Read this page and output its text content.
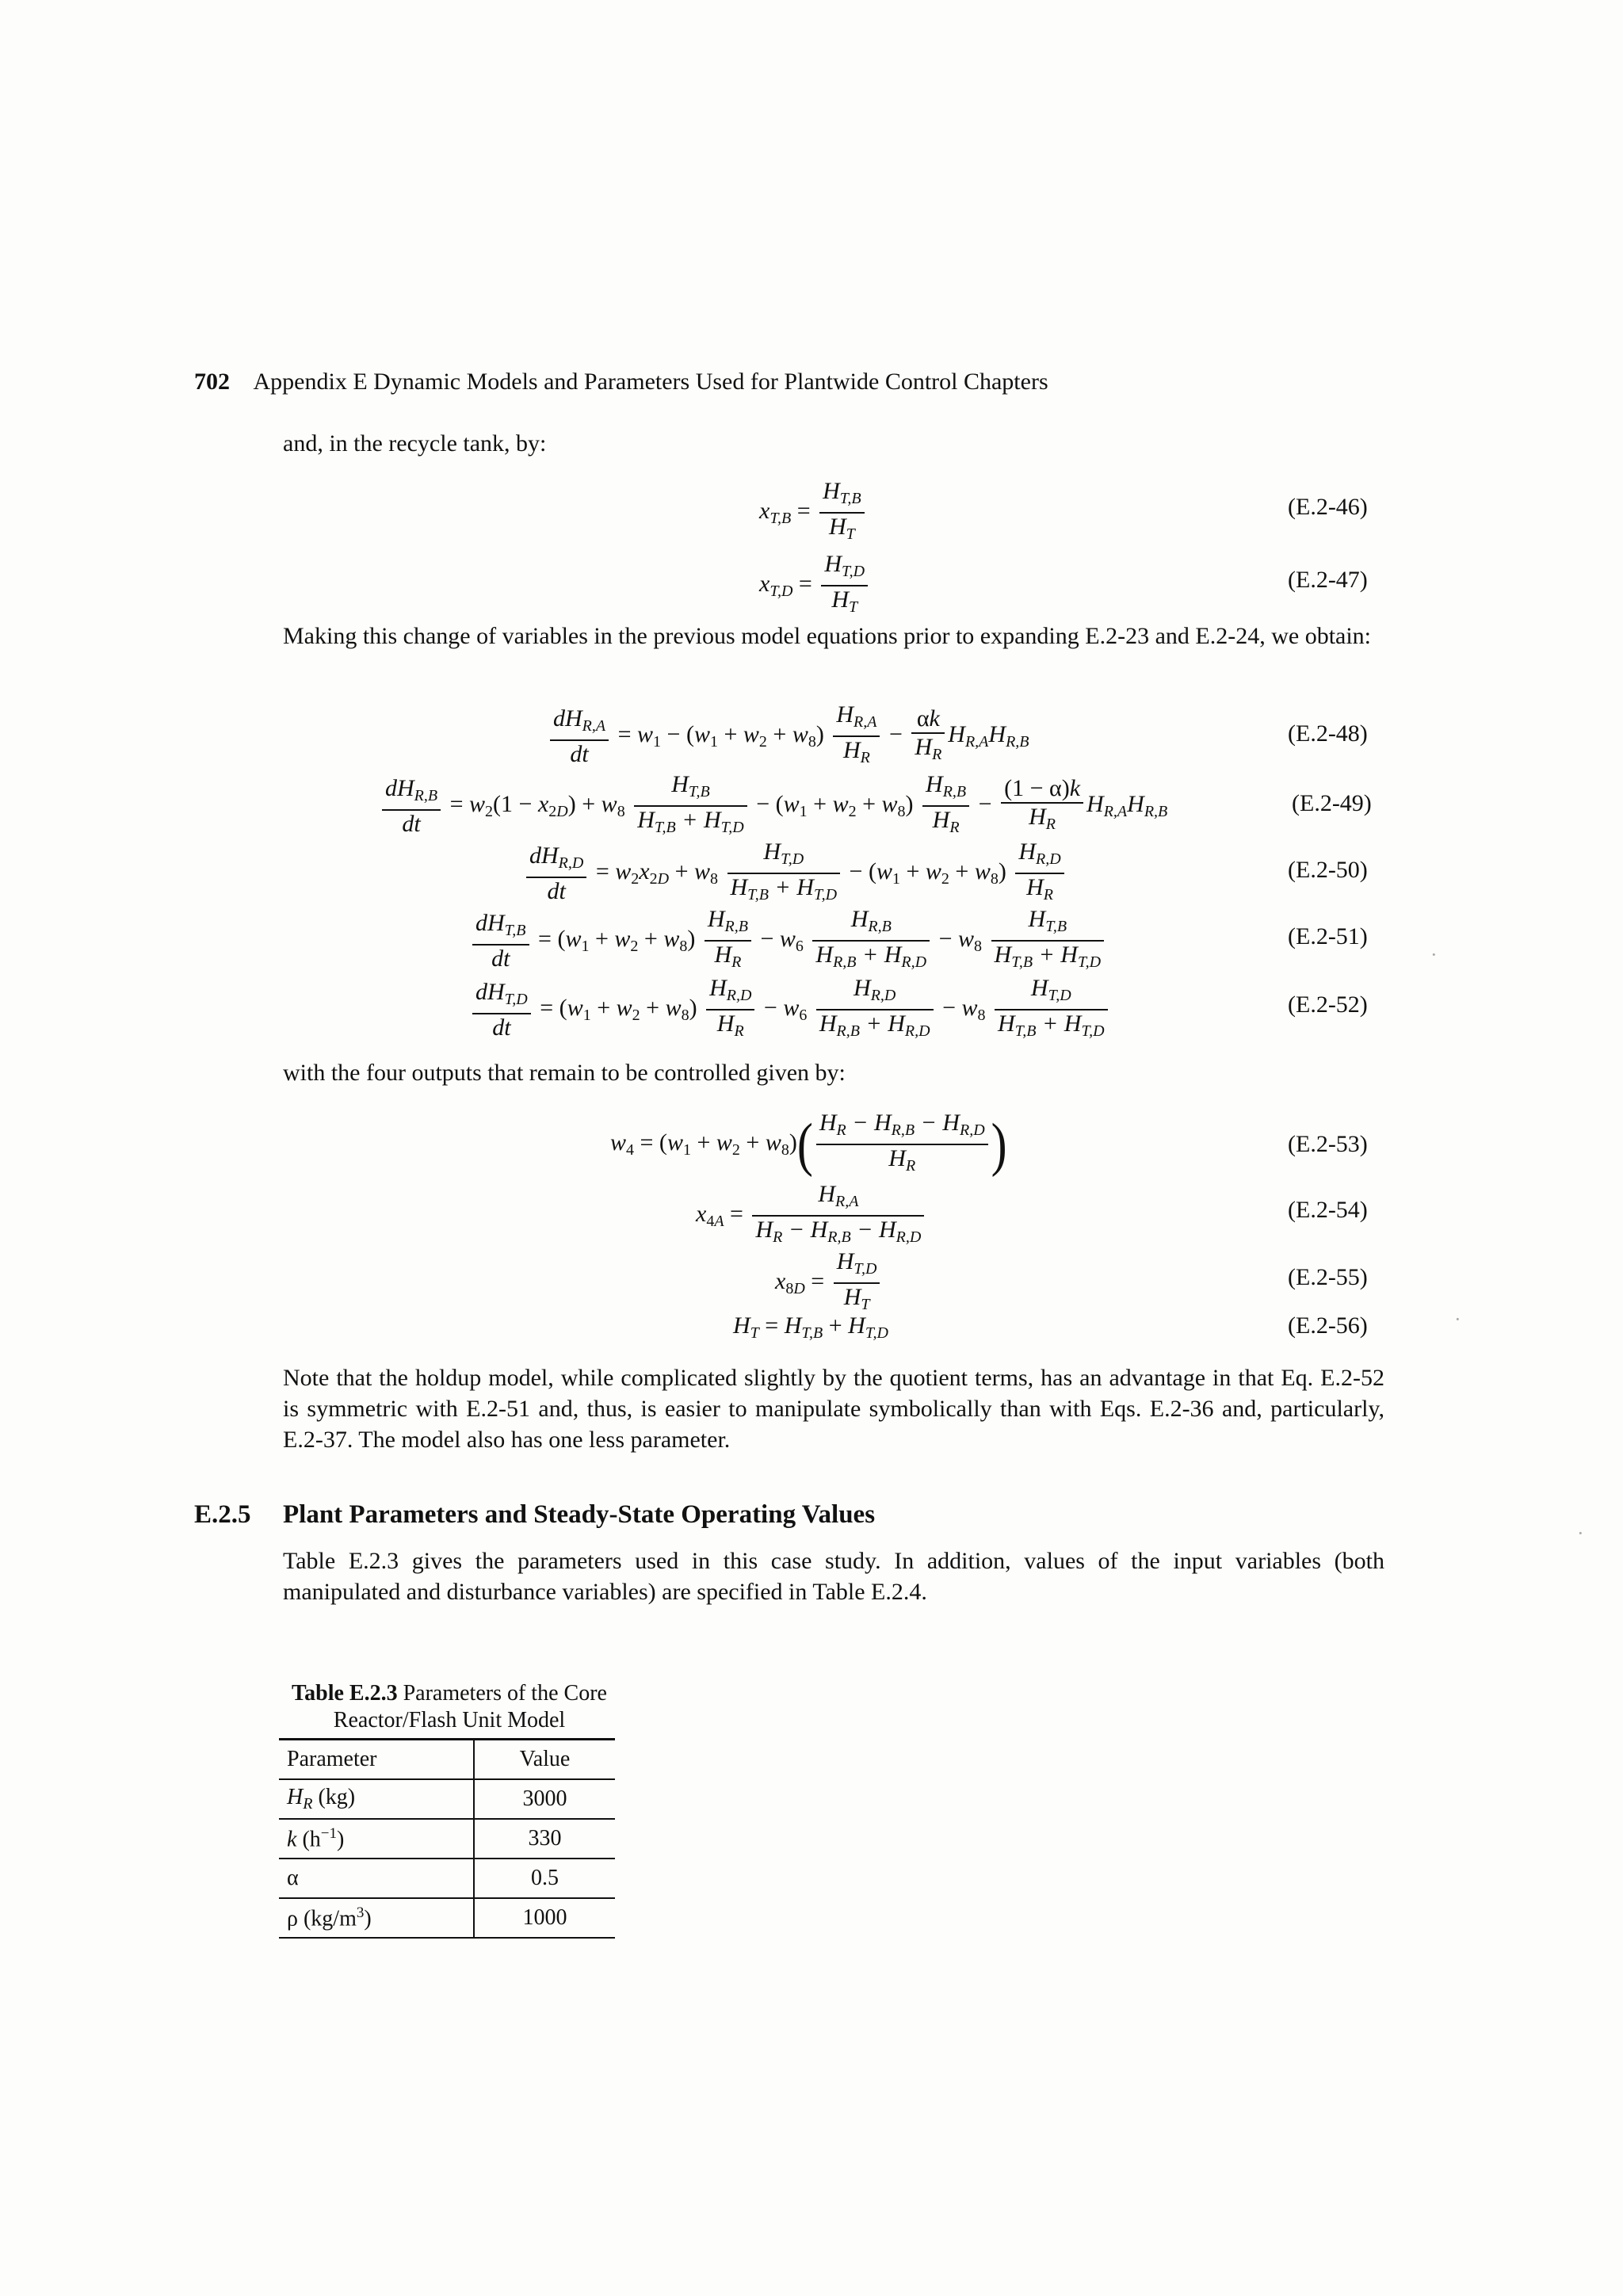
702 Appendix E Dynamic Models and Parameters Used for Plantwide Control Chapters
and, in the recycle tank, by:
$x_{T,B} = \frac{H_{T,B}}{H_T}$	(E.2-46)
$x_{T,D} = \frac{H_{T,D}}{H_T}$	(E.2-47)
Making this change of variables in the previous model equations prior to expanding E.2-23 and E.2-24, we obtain:
$\frac{dH_{R,A}}{dt} = w_1 - (w_1 + w_2 + w_8) \frac{H_{R,A}}{H_R} - \frac{\alpha k}{H_R} H_{R,A}H_{R,B}$	(E.2-48)
$\frac{dH_{R,B}}{dt} = w_2(1 - x_{2D}) + w_8 \frac{H_{T,B}}{H_{T,B} + H_{T,D}} - (w_1 + w_2 + w_8) \frac{H_{R,B}}{H_R} - \frac{(1 - \alpha)k}{H_R} H_{R,A}H_{R,B}$	(E.2-49)
$\frac{dH_{R,D}}{dt} = w_2x_{2D} + w_8 \frac{H_{T,D}}{H_{T,B} + H_{T,D}} - (w_1 + w_2 + w_8) \frac{H_{R,D}}{H_R}$	(E.2-50)
$\frac{dH_{T,B}}{dt} = (w_1 + w_2 + w_8) \frac{H_{R,B}}{H_R} - w_6 \frac{H_{R,B}}{H_{R,B} + H_{R,D}} - w_8 \frac{H_{T,B}}{H_{T,B} + H_{T,D}}$	(E.2-51)
$\frac{dH_{T,D}}{dt} = (w_1 + w_2 + w_8) \frac{H_{R,D}}{H_R} - w_6 \frac{H_{R,D}}{H_{R,B} + H_{R,D}} - w_8 \frac{H_{T,D}}{H_{T,B} + H_{T,D}}$	(E.2-52)
with the four outputs that remain to be controlled given by:
$w_4 = (w_1 + w_2 + w_8)( \frac{H_R - H_{R,B} - H_{R,D}}{H_R}$ )	(E.2-53)
$x_{4A} = \frac{H_{R,A}}{H_R - H_{R,B} - H_{R,D}}$	(E.2-54)
$x_{8D} = \frac{H_{T,D}}{H_T}$	(E.2-55)
$H_T = H_{T,B} + H_{T,D}$	(E.2-56)
Note that the holdup model, while complicated slightly by the quotient terms, has an advantage in that Eq. E.2-52 is symmetric with E.2-51 and, thus, is easier to manipulate symbolically than with Eqs. E.2-36 and, particularly, E.2-37. The model also has one less parameter.
E.2.5 Plant Parameters and Steady-State Operating Values
Table E.2.3 gives the parameters used in this case study. In addition, values of the input variables (both manipulated and disturbance variables) are specified in Table E.2.4.
Table E.2.3 Parameters of the Core Reactor/Flash Unit Model
Parameter	Value
$H_R$ (kg)	3000
k $(h^{-1})$	330
α	0.5
ρ $(kg/m^3)$	1000
·
·
·
